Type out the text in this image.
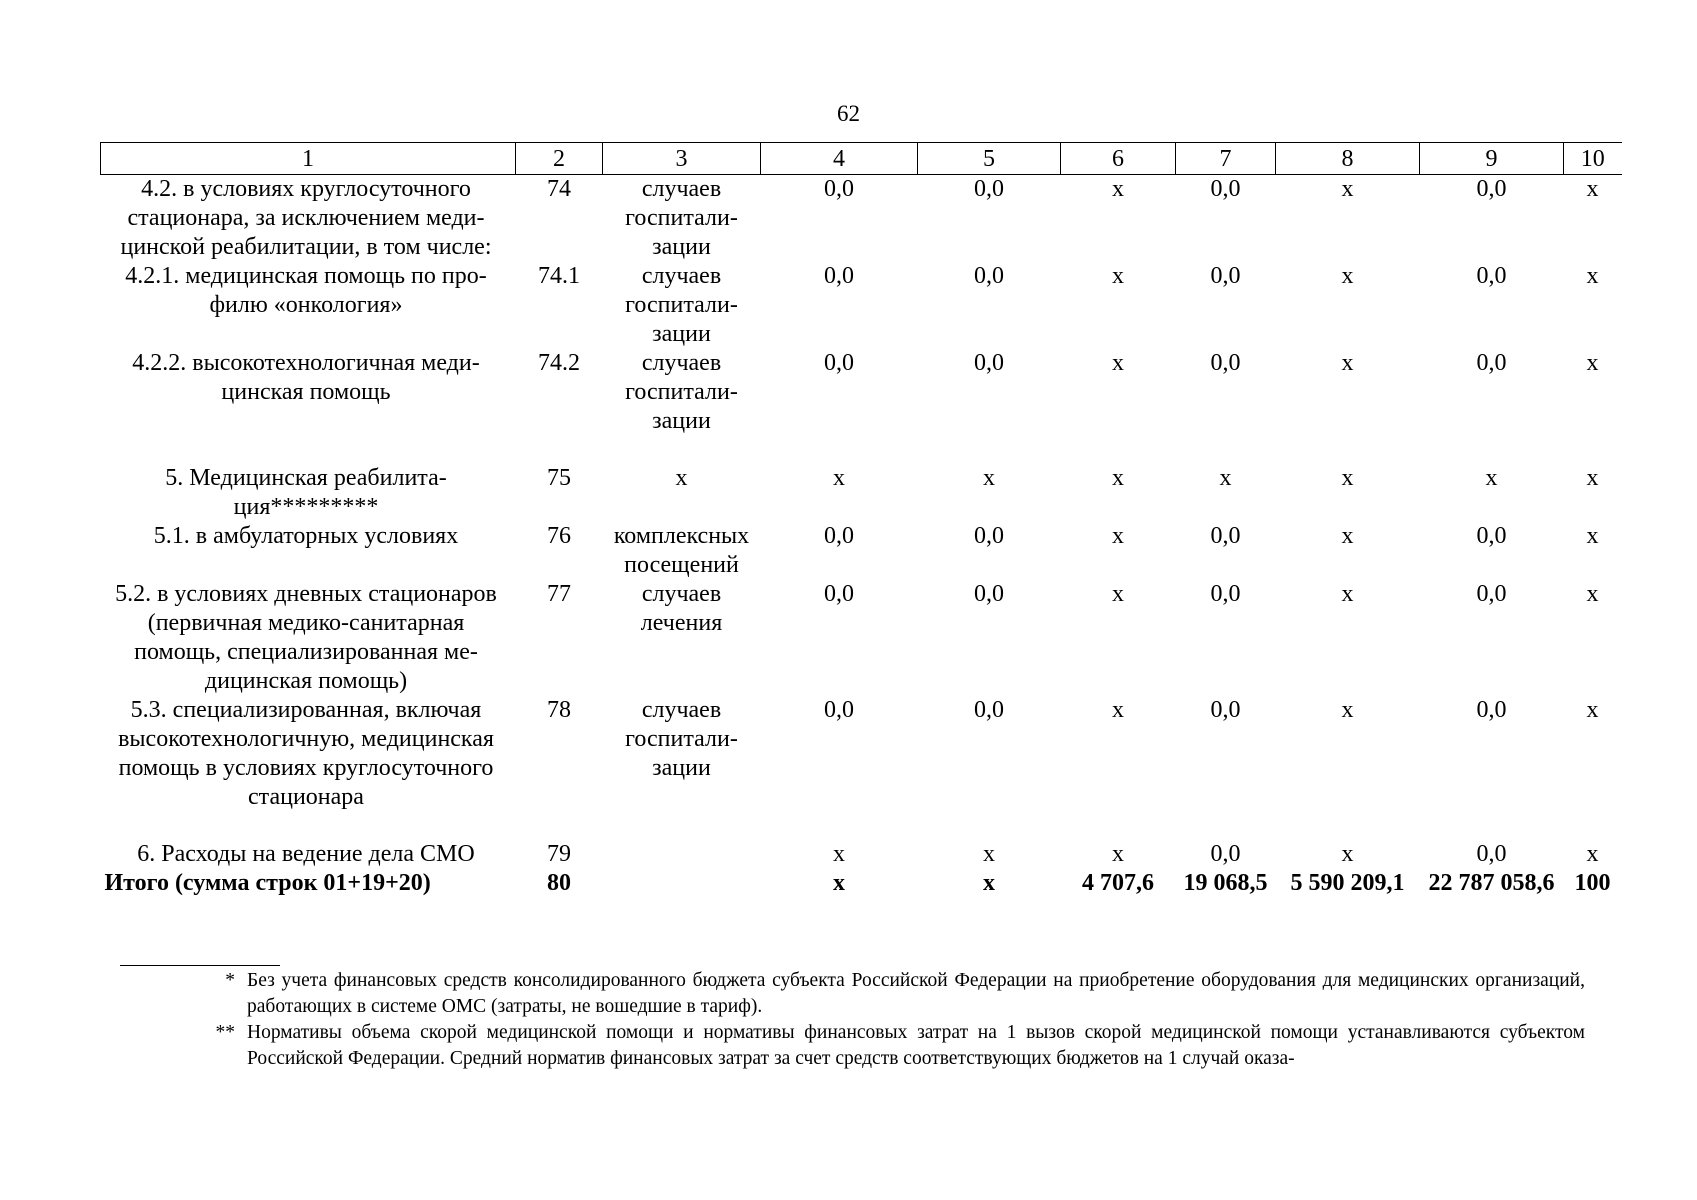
62
1	2	3	4	5	6	7	8	9	10
4.2. в условиях круглосуточного стационара, за исключением медицинской реабилитации, в том числе:	74	случаев госпитализации	0,0	0,0	х	0,0	х	0,0	х
4.2.1. медицинская помощь по профилю «онкология»	74.1	случаев госпитализации	0,0	0,0	х	0,0	х	0,0	х
4.2.2. высокотехнологичная медицинская помощь	74.2	случаев госпитализации	0,0	0,0	х	0,0	х	0,0	х
5. Медицинская реабилитация*********	75	х	х	х	х	х	х	х	х
5.1. в амбулаторных условиях	76	комплексных посещений	0,0	0,0	х	0,0	х	0,0	х
5.2. в условиях дневных стационаров (первичная медико-санитарная помощь, специализированная медицинская помощь)	77	случаев лечения	0,0	0,0	х	0,0	х	0,0	х
5.3. специализированная, включая высокотехнологичную, медицинская помощь в условиях круглосуточного стационара	78	случаев госпитализации	0,0	0,0	х	0,0	х	0,0	х
6. Расходы на ведение дела СМО	79		х	х	х	0,0	х	0,0	х
Итого (сумма строк 01+19+20)	80		х	х	4 707,6	19 068,5	5 590 209,1	22 787 058,6	100
* Без учета финансовых средств консолидированного бюджета субъекта Российской Федерации на приобретение оборудования для медицинских организаций, работающих в системе ОМС (затраты, не вошедшие в тариф).
** Нормативы объема скорой медицинской помощи и нормативы финансовых затрат на 1 вызов скорой медицинской помощи устанавливаются субъектом Российской Федерации. Средний норматив финансовых затрат за счет средств соответствующих бюджетов на 1 случай оказа-
